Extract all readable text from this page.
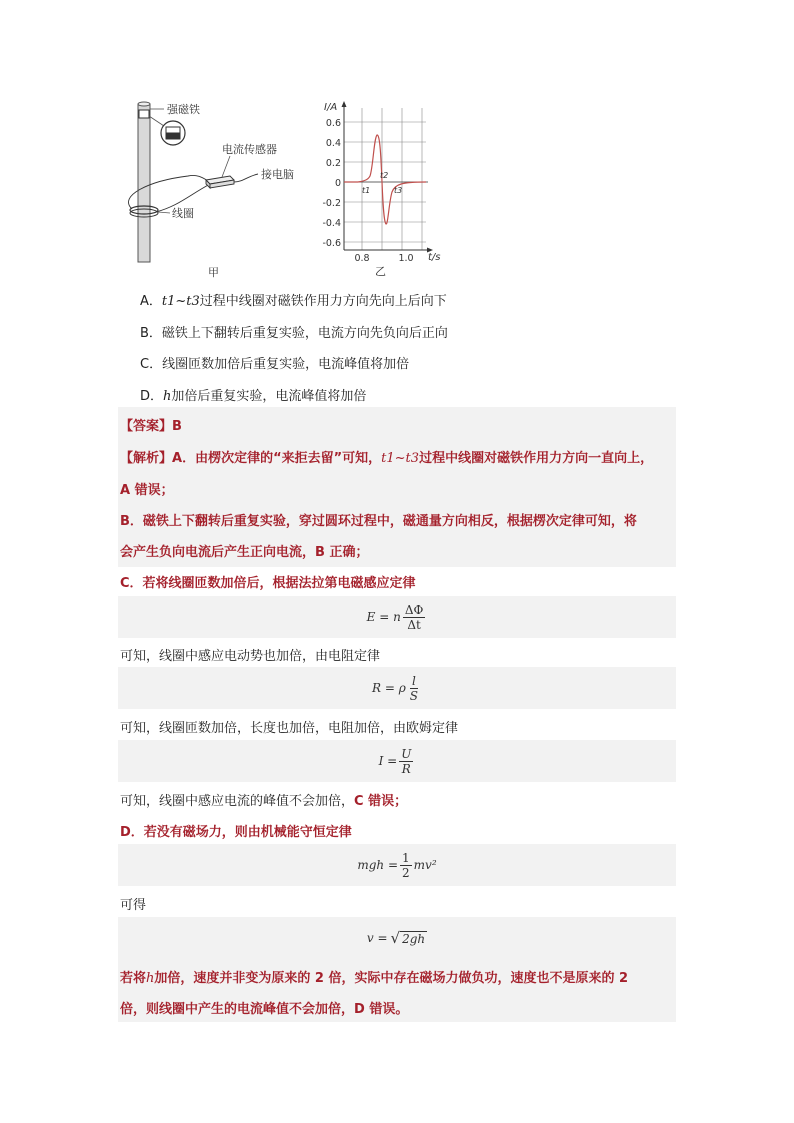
强磁铁
电流传感器
接电脑
线圈
甲
I/A
t/s
0.6
0.4
0.2
0
-0.2
-0.4
-0.6
0.8	1.0
t1
t2
t3
乙
A．t1~t3过程中线圈对磁铁作用力方向先向上后向下
B．磁铁上下翻转后重复实验，电流方向先负向后正向
C．线圈匝数加倍后重复实验，电流峰值将加倍
D．h加倍后重复实验，电流峰值将加倍
【答案】B
【解析】A．由楞次定律的“来拒去留”可知，t1~t3过程中线圈对磁铁作用力方向一直向上，
A 错误；
B．磁铁上下翻转后重复实验，穿过圆环过程中，磁通量方向相反，根据楞次定律可知，将
会产生负向电流后产生正向电流，B 正确；
C．若将线圈匝数加倍后，根据法拉第电磁感应定律
E = n $\frac{\Delta\Phi}{\Delta t}$
可知，线圈中感应电动势也加倍，由电阻定律
R = ρ $\frac{l}{S}$
可知，线圈匝数加倍，长度也加倍，电阻加倍，由欧姆定律
$I = \frac{U}{R}$
可知，线圈中感应电流的峰值不会加倍，C 错误；
D．若没有磁场力，则由机械能守恒定律
mgh = $\frac{1}{2} mv^2$
可得
v = √ 2gh
若将h加倍，速度并非变为原来的 2 倍，实际中存在磁场力做负功，速度也不是原来的 2
倍，则线圈中产生的电流峰值不会加倍，D 错误。
